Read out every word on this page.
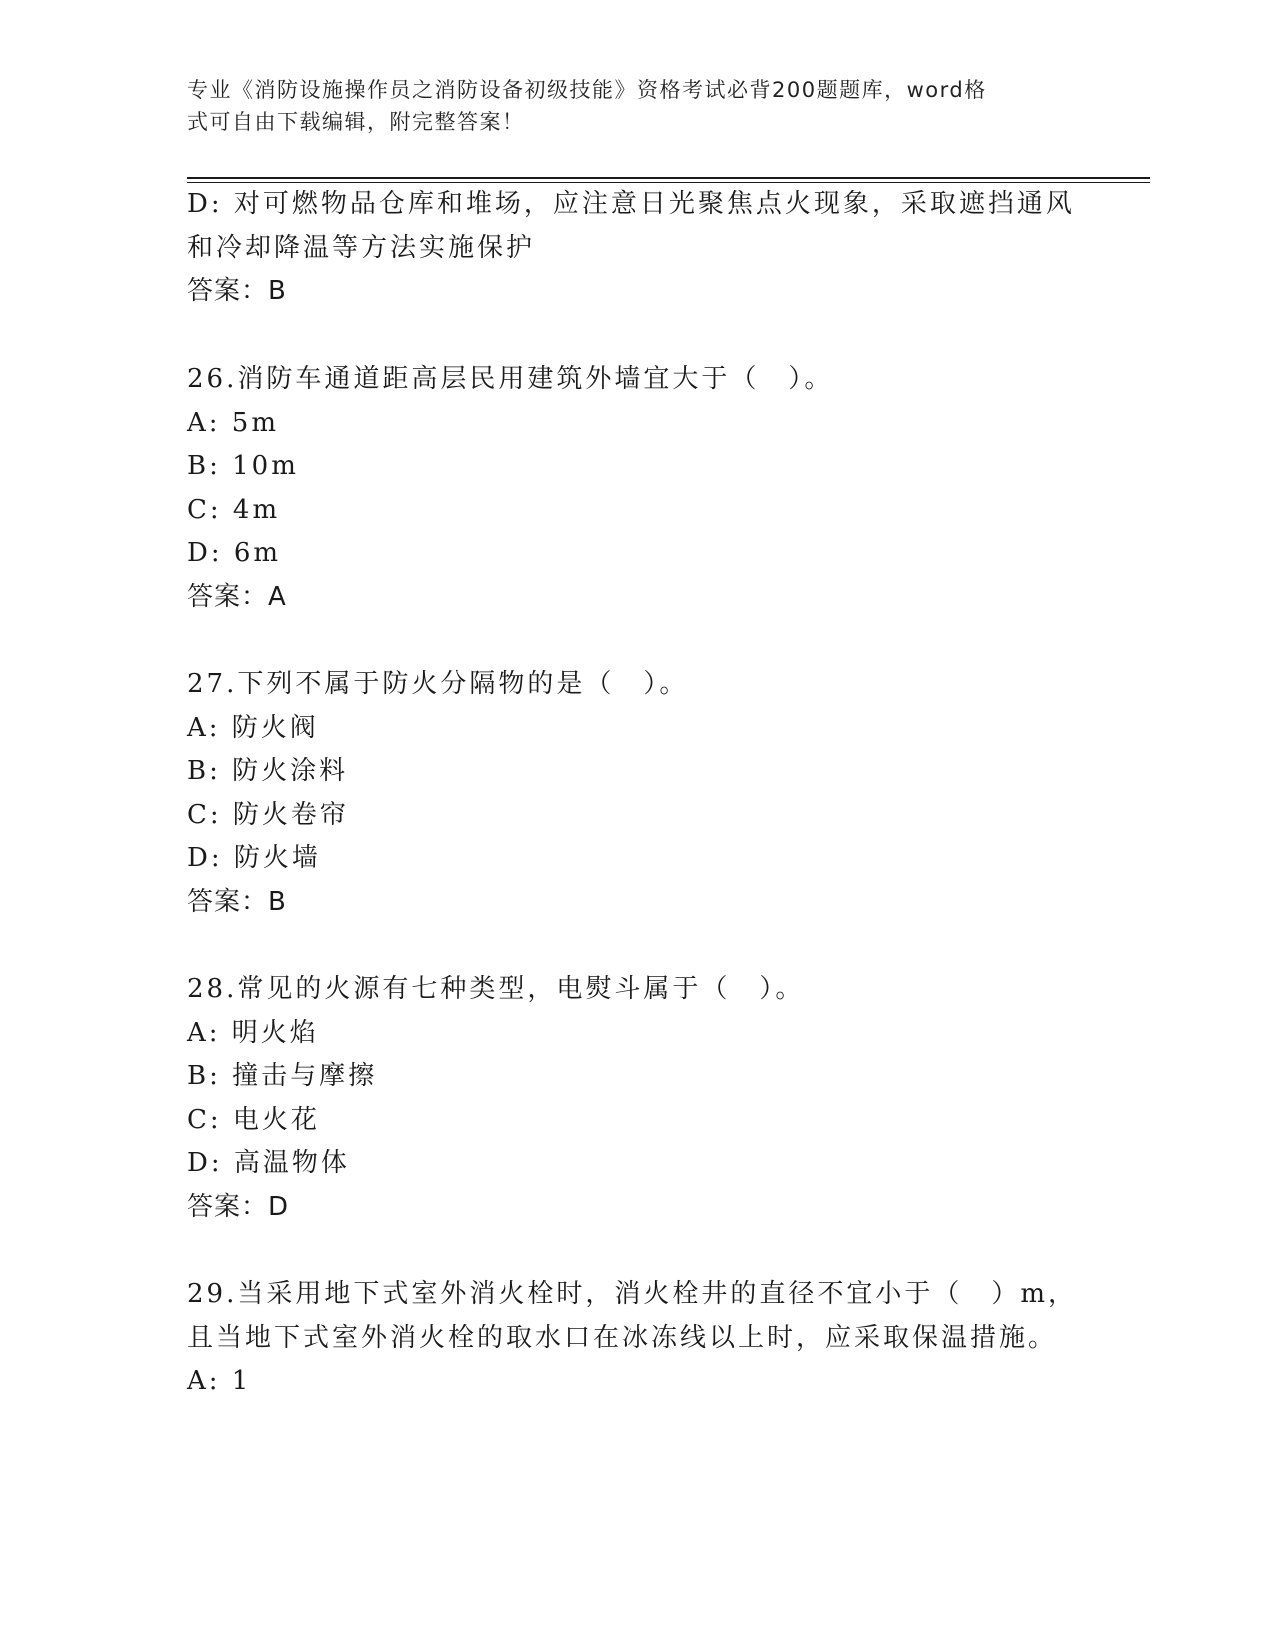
专业《消防设施操作员之消防设备初级技能》资格考试必背200题题库，word格
式可自由下载编辑，附完整答案！
D: 对可燃物品仓库和堆场，应注意日光聚焦点火现象，采取遮挡通风
和冷却降温等方法实施保护
答案：B
26.消防车通道距高层民用建筑外墙宜大于（　）。
A: 5m
B: 10m
C: 4m
D: 6m
答案：A
27.下列不属于防火分隔物的是（　）。
A: 防火阀
B: 防火涂料
C: 防火卷帘
D: 防火墙
答案：B
28.常见的火源有七种类型，电熨斗属于（　）。
A: 明火焰
B: 撞击与摩擦
C: 电火花
D: 高温物体
答案：D
29.当采用地下式室外消火栓时，消火栓井的直径不宜小于（　）m，
且当地下式室外消火栓的取水口在冰冻线以上时，应采取保温措施。
A: 1
